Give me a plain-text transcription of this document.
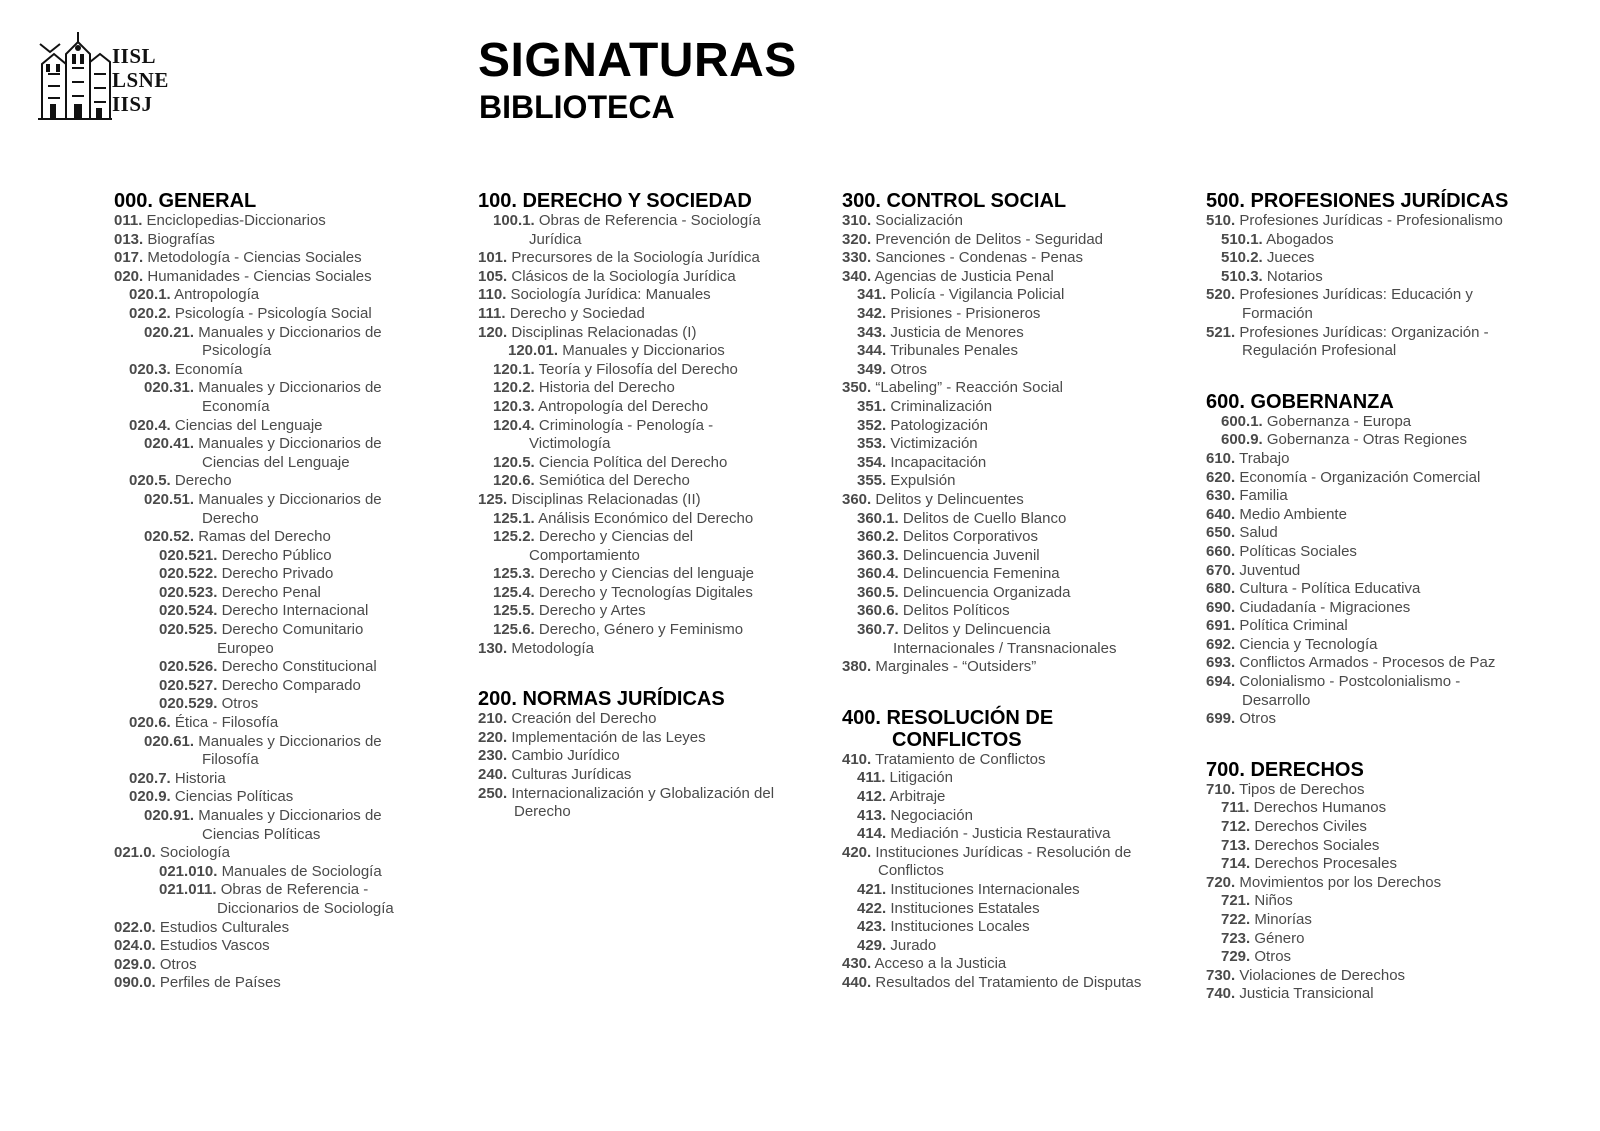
IISL
LSNE
IISJ
SIGNATURAS
BIBLIOTECA
000. GENERAL
011. Enciclopedias-Diccionarios
013. Biografías
017. Metodología - Ciencias Sociales
020. Humanidades - Ciencias Sociales
020.1. Antropología
020.2. Psicología - Psicología Social
020.21. Manuales y Diccionarios de
Psicología
020.3. Economía
020.31. Manuales y Diccionarios de
Economía
020.4. Ciencias del Lenguaje
020.41. Manuales y Diccionarios de
Ciencias del Lenguaje
020.5. Derecho
020.51. Manuales y Diccionarios de
Derecho
020.52. Ramas del Derecho
020.521. Derecho Público
020.522. Derecho Privado
020.523. Derecho Penal
020.524. Derecho Internacional
020.525. Derecho Comunitario
Europeo
020.526. Derecho Constitucional
020.527. Derecho Comparado
020.529. Otros
020.6. Ética - Filosofía
020.61. Manuales y Diccionarios de
Filosofía
020.7. Historia
020.9. Ciencias Políticas
020.91. Manuales y Diccionarios de
Ciencias Políticas
021.0. Sociología
021.010. Manuales de Sociología
021.011. Obras de Referencia -
Diccionarios de Sociología
022.0. Estudios Culturales
024.0. Estudios Vascos
029.0. Otros
090.0. Perfiles de Países
100. DERECHO Y SOCIEDAD
100.1. Obras de Referencia - Sociología
Jurídica
101. Precursores de la Sociología Jurídica
105. Clásicos de la Sociología Jurídica
110. Sociología Jurídica: Manuales
111. Derecho y Sociedad
120. Disciplinas Relacionadas (I)
120.01. Manuales y Diccionarios
120.1. Teoría y Filosofía del Derecho
120.2. Historia del Derecho
120.3. Antropología del Derecho
120.4. Criminología - Penología -
Victimología
120.5. Ciencia Política del Derecho
120.6. Semiótica del Derecho
125. Disciplinas Relacionadas (II)
125.1. Análisis Económico del Derecho
125.2. Derecho y Ciencias del
Comportamiento
125.3. Derecho y Ciencias del lenguaje
125.4. Derecho y Tecnologías Digitales
125.5. Derecho y Artes
125.6. Derecho, Género y Feminismo
130. Metodología
200. NORMAS JURÍDICAS
210. Creación del Derecho
220. Implementación de las Leyes
230. Cambio Jurídico
240. Culturas Jurídicas
250. Internacionalización y Globalización del
Derecho
300. CONTROL SOCIAL
310. Socialización
320. Prevención de Delitos - Seguridad
330. Sanciones - Condenas - Penas
340. Agencias de Justicia Penal
341. Policía - Vigilancia Policial
342. Prisiones - Prisioneros
343. Justicia de Menores
344. Tribunales Penales
349. Otros
350. “Labeling” - Reacción Social
351. Criminalización
352. Patologización
353. Victimización
354. Incapacitación
355. Expulsión
360. Delitos y Delincuentes
360.1. Delitos de Cuello Blanco
360.2. Delitos Corporativos
360.3. Delincuencia Juvenil
360.4. Delincuencia Femenina
360.5. Delincuencia Organizada
360.6. Delitos Políticos
360.7. Delitos y Delincuencia
Internacionales / Transnacionales
380. Marginales - “Outsiders”
400. RESOLUCIÓN DE
CONFLICTOS
410. Tratamiento de Conflictos
411. Litigación
412. Arbitraje
413. Negociación
414. Mediación - Justicia Restaurativa
420. Instituciones Jurídicas - Resolución de
Conflictos
421. Instituciones Internacionales
422. Instituciones Estatales
423. Instituciones Locales
429. Jurado
430. Acceso a la Justicia
440. Resultados del Tratamiento de Disputas
500. PROFESIONES JURÍDICAS
510. Profesiones Jurídicas - Profesionalismo
510.1. Abogados
510.2. Jueces
510.3. Notarios
520. Profesiones Jurídicas: Educación y
Formación
521. Profesiones Jurídicas: Organización -
Regulación Profesional
600. GOBERNANZA
600.1. Gobernanza - Europa
600.9. Gobernanza - Otras Regiones
610. Trabajo
620. Economía - Organización Comercial
630. Familia
640. Medio Ambiente
650. Salud
660. Políticas Sociales
670. Juventud
680. Cultura - Política Educativa
690. Ciudadanía - Migraciones
691. Política Criminal
692. Ciencia y Tecnología
693. Conflictos Armados - Procesos de Paz
694. Colonialismo - Postcolonialismo -
Desarrollo
699. Otros
700. DERECHOS
710. Tipos de Derechos
711. Derechos Humanos
712. Derechos Civiles
713. Derechos Sociales
714. Derechos Procesales
720. Movimientos por los Derechos
721. Niños
722. Minorías
723. Género
729. Otros
730. Violaciones de Derechos
740. Justicia Transicional
